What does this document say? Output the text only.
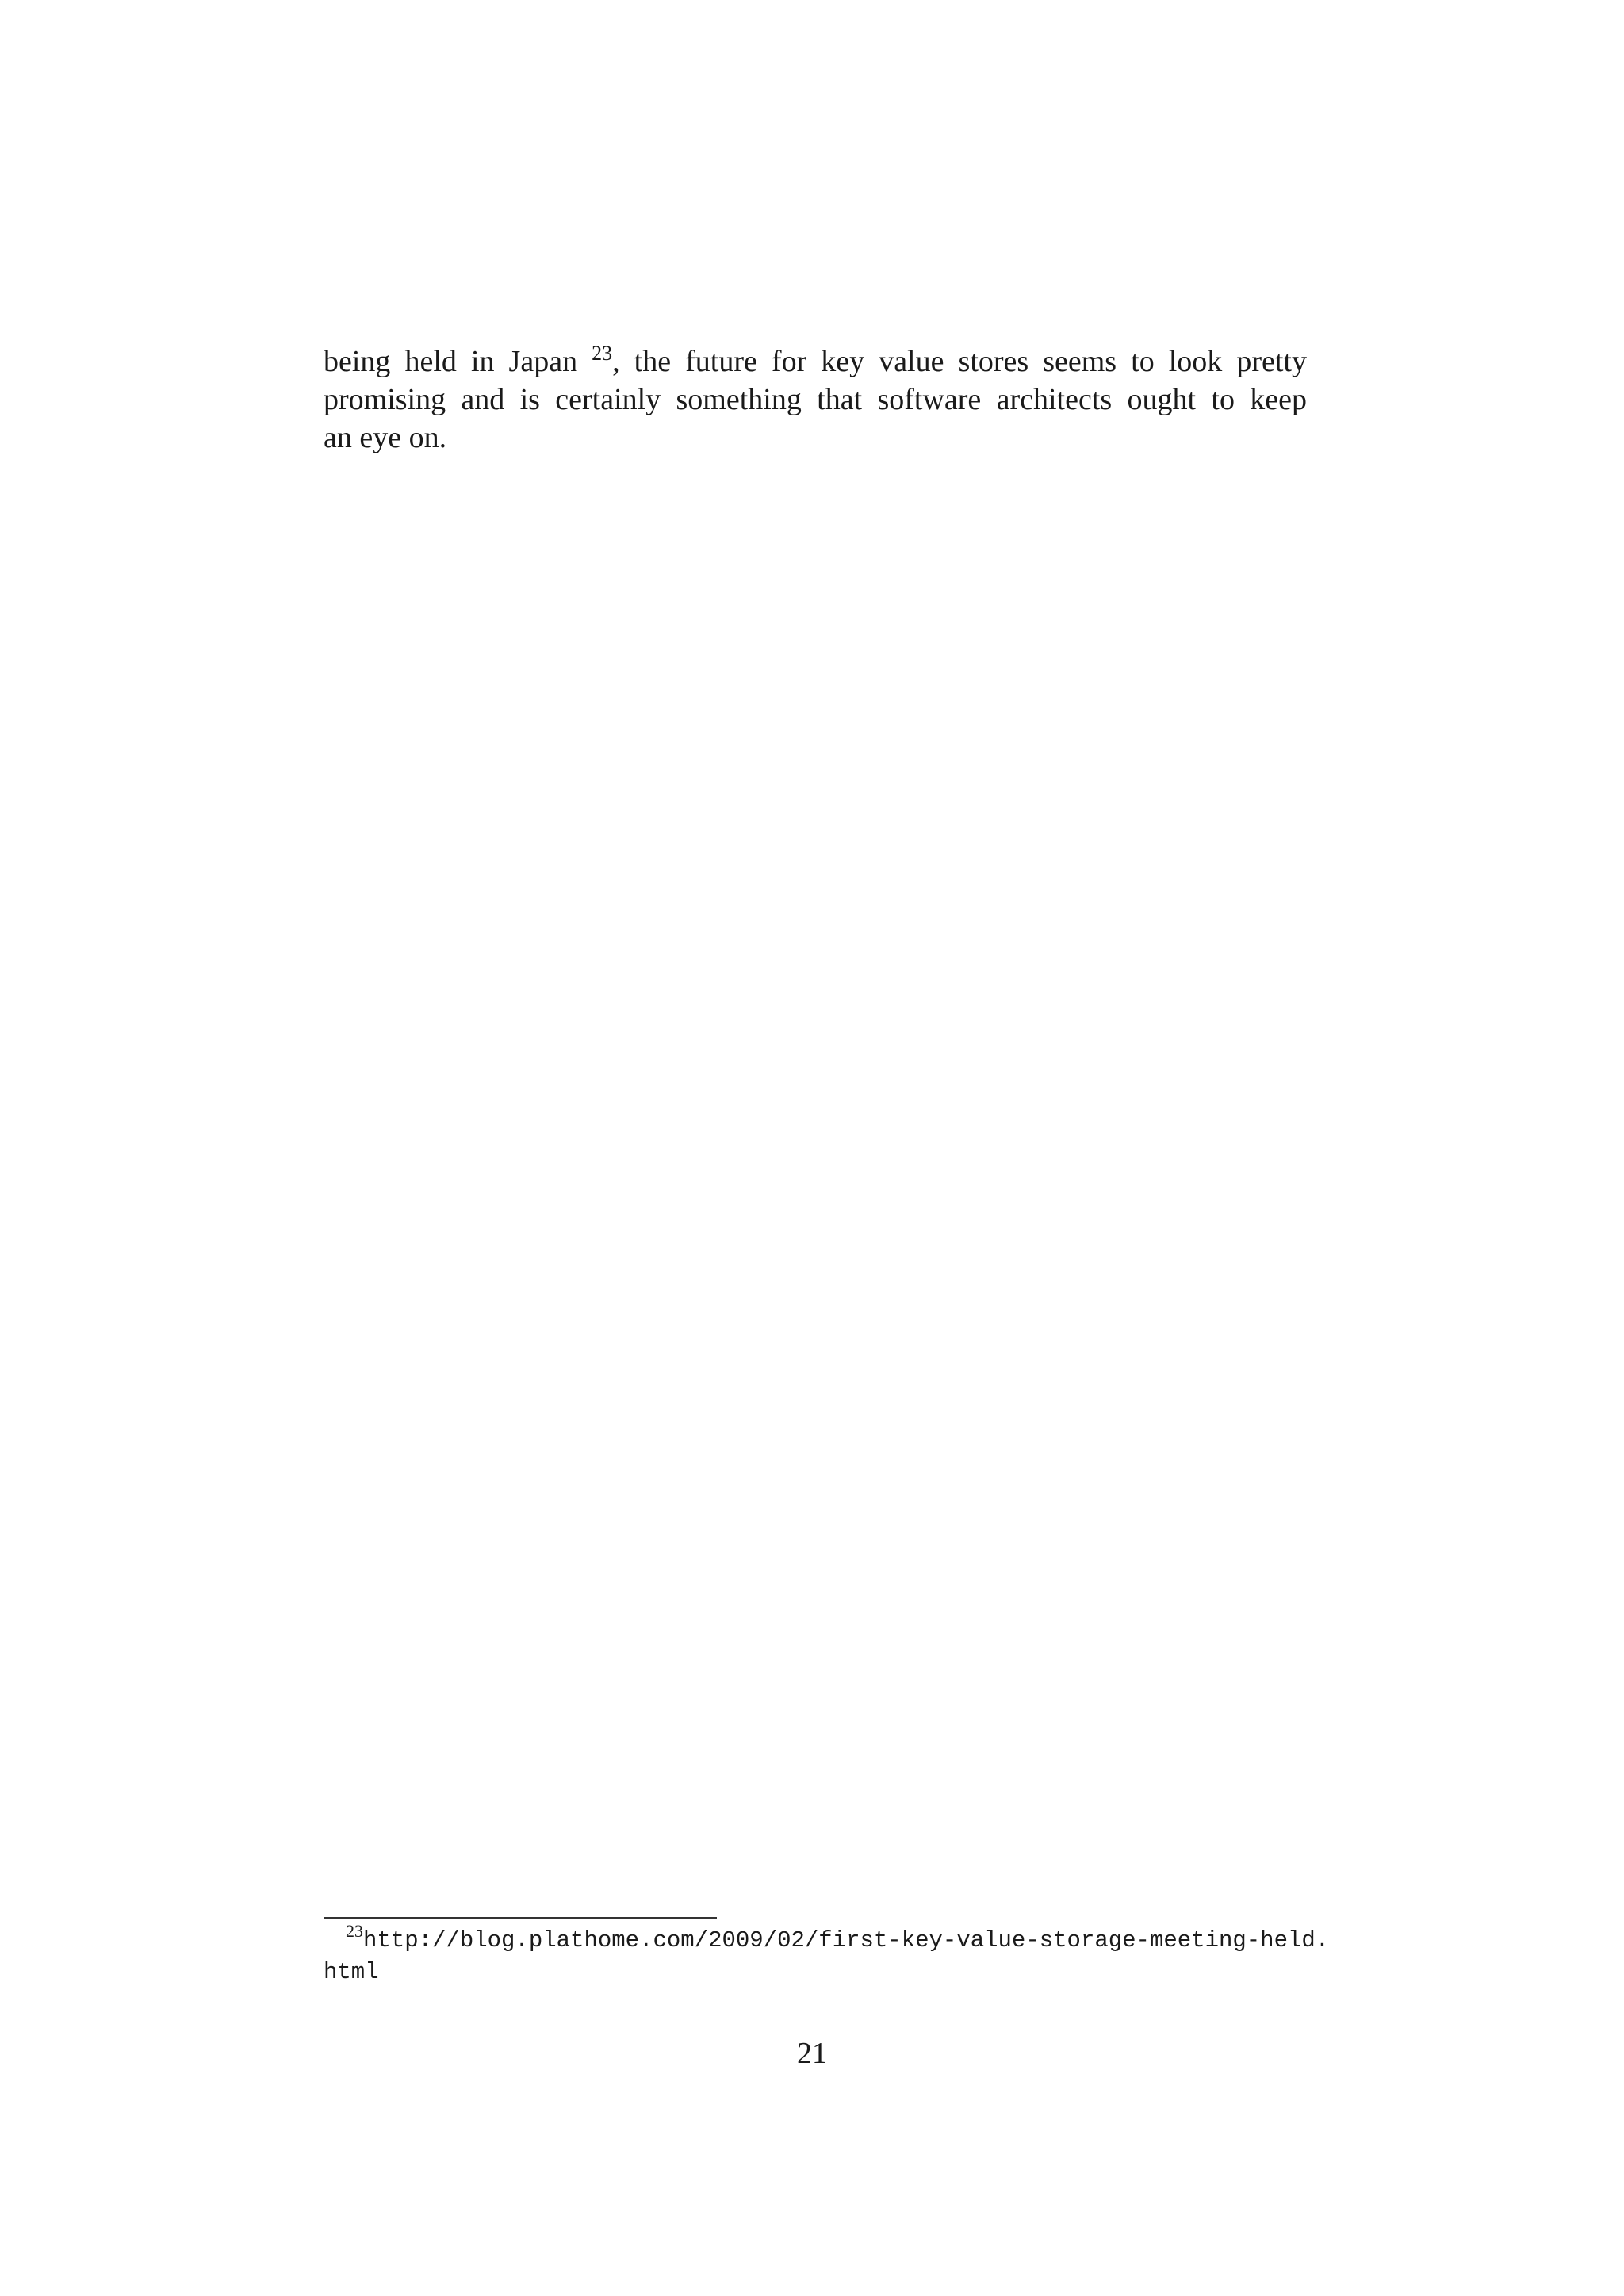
being held in Japan $^{23}$, the future for key value stores seems to look pretty
promising and is certainly something that software architects ought to keep
an eye on.
$^{23}$http://blog.plathome.com/2009/02/first-key-value-storage-meeting-held.
html
21
